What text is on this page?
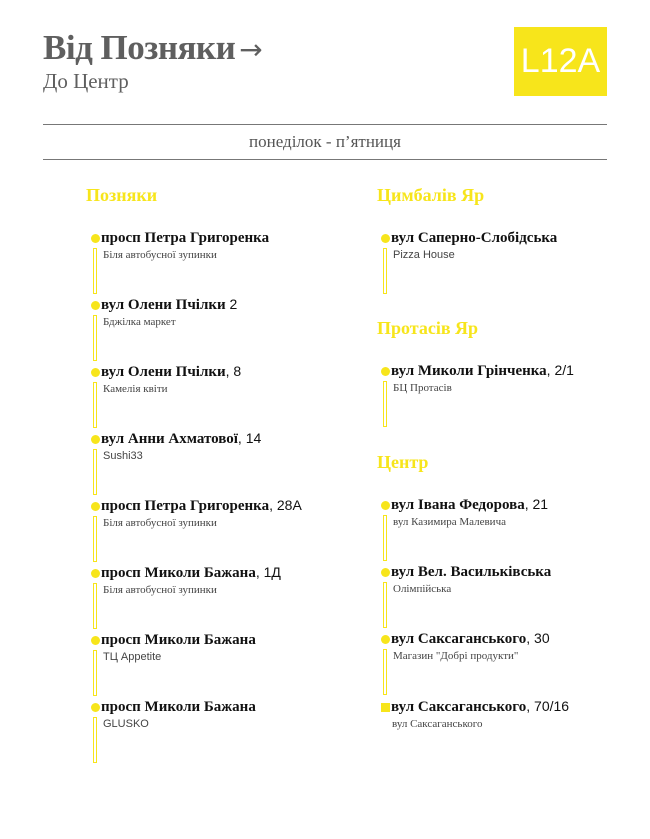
Від Позняки →
До Центр
L12A
понеділок - п’ятниця
Позняки
просп Петра Григоренка
Біля автобусної зупинки
вул Олени Пчілки 2
Бджілка маркет
вул Олени Пчілки, 8
Камелія квіти
вул Анни Ахматової, 14
Sushi33
просп Петра Григоренка, 28А
Біля автобусної зупинки
просп Миколи Бажана, 1Д
Біля автобусної зупинки
просп Миколи Бажана
ТЦ Appetite
просп Миколи Бажана
GLUSKO
Цимбалів Яр
вул Саперно-Слобідська
Pizza House
Протасів Яр
вул Миколи Грінченка, 2/1
БЦ Протасів
Центр
вул Івана Федорова, 21
вул Казимира Малевича
вул Вел. Васильківська
Олімпійська
вул Саксаганського, 30
Магазин "Добрі продукти"
вул Саксаганського, 70/16
вул Саксаганського
